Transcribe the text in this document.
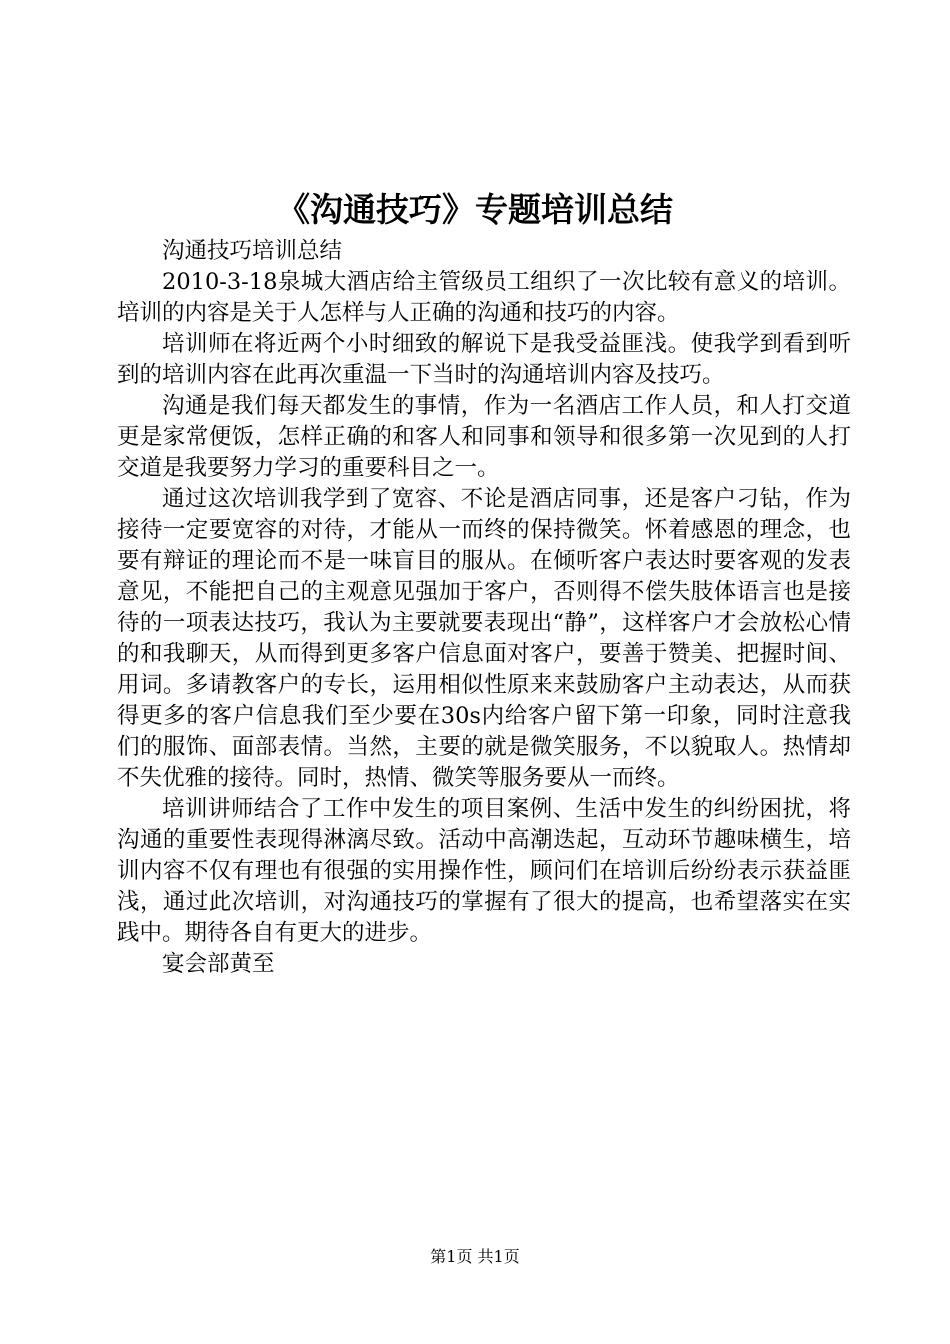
《沟通技巧》专题培训总结

沟通技巧培训总结

2010-3-18泉城大酒店给主管级员工组织了一次比较有意义的培训。培训的内容是关于人怎样与人正确的沟通和技巧的内容。

培训师在将近两个小时细致的解说下是我受益匪浅。使我学到看到听到的培训内容在此再次重温一下当时的沟通培训内容及技巧。

沟通是我们每天都发生的事情，作为一名酒店工作人员，和人打交道更是家常便饭，怎样正确的和客人和同事和领导和很多第一次见到的人打交道是我要努力学习的重要科目之一。

通过这次培训我学到了宽容、不论是酒店同事，还是客户刁钻，作为接待一定要宽容的对待，才能从一而终的保持微笑。怀着感恩的理念，也要有辩证的理论而不是一味盲目的服从。在倾听客户表达时要客观的发表意见，不能把自己的主观意见强加于客户，否则得不偿失肢体语言也是接待的一项表达技巧，我认为主要就要表现出“静”，这样客户才会放松心情的和我聊天，从而得到更多客户信息面对客户，要善于赞美、把握时间、用词。多请教客户的专长，运用相似性原来来鼓励客户主动表达，从而获得更多的客户信息我们至少要在30s内给客户留下第一印象，同时注意我们的服饰、面部表情。当然，主要的就是微笑服务，不以貌取人。热情却不失优雅的接待。同时，热情、微笑等服务要从一而终。

培训讲师结合了工作中发生的项目案例、生活中发生的纠纷困扰，将沟通的重要性表现得淋漓尽致。活动中高潮迭起，互动环节趣味横生，培训内容不仅有理也有很强的实用操作性，顾问们在培训后纷纷表示获益匪浅，通过此次培训，对沟通技巧的掌握有了很大的提高，也希望落实在实践中。期待各自有更大的进步。

宴会部黄至

第1页 共1页
